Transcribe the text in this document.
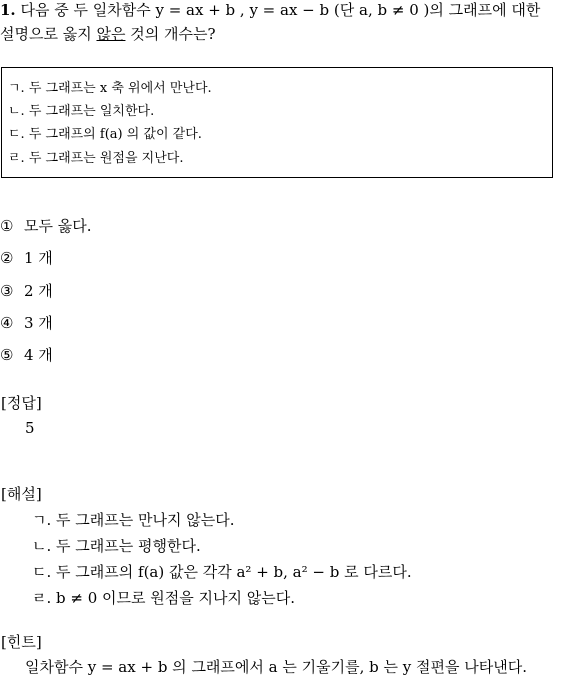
1. 다음 중 두 일차함수 y = ax + b , y = ax − b (단 a, b ≠ 0 )의 그래프에 대한
설명으로 옳지 않은 것의 개수는?
ㄱ. 두 그래프는 x 축 위에서 만난다.
ㄴ. 두 그래프는 일치한다.
ㄷ. 두 그래프의 f(a) 의 값이 같다.
ㄹ. 두 그래프는 원점을 지난다.
① 모두 옳다.
② 1 개
③ 2 개
④ 3 개
⑤ 4 개
[정답]
5
[해설]
ㄱ. 두 그래프는 만나지 않는다.
ㄴ. 두 그래프는 평행한다.
ㄷ. 두 그래프의 f(a) 값은 각각 a² + b, a² − b 로 다르다.
ㄹ. b ≠ 0 이므로 원점을 지나지 않는다.
[힌트]
일차함수 y = ax + b 의 그래프에서 a 는 기울기를, b 는 y 절편을 나타낸다.
